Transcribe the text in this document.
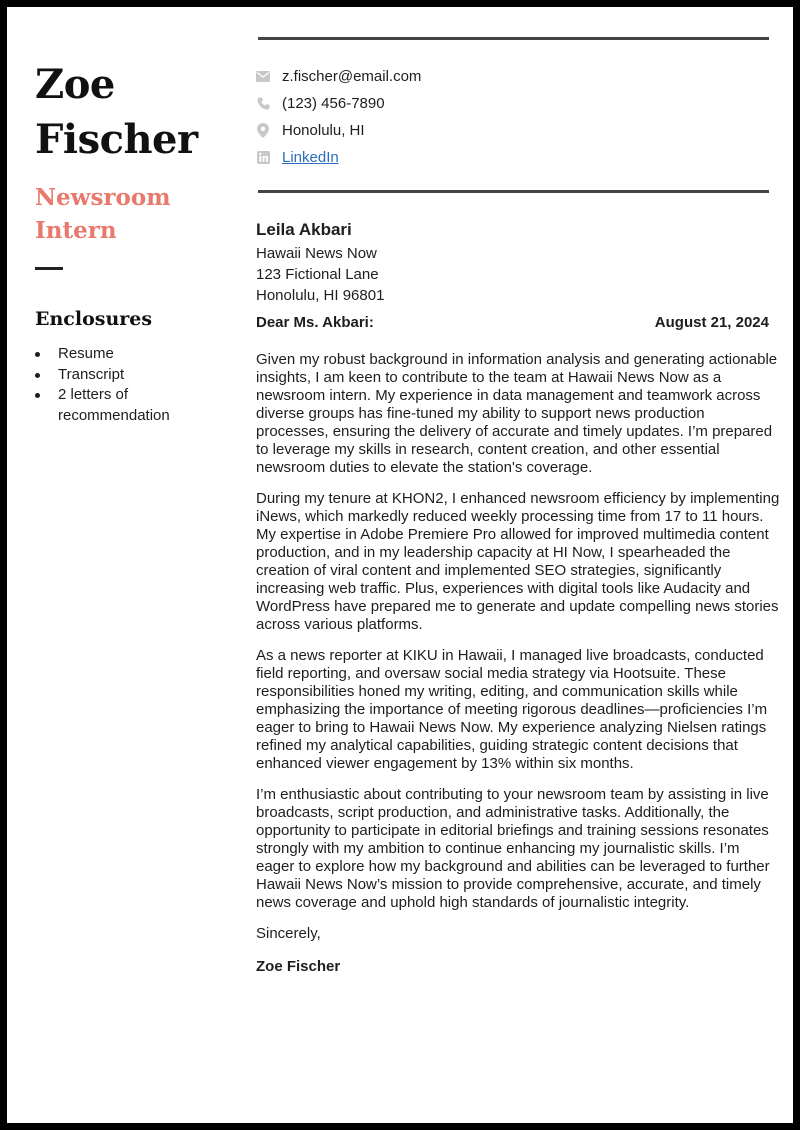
Zoe
Fischer
Newsroom
Intern
Enclosures
Resume
Transcript
2 letters of recommendation
z.fischer@email.com
(123) 456-7890
Honolulu, HI
LinkedIn
Leila Akbari
Hawaii News Now
123 Fictional Lane
Honolulu, HI 96801
Dear Ms. Akbari:	August 21, 2024

Given my robust background in information analysis and generating actionable insights, I am keen to contribute to the team at Hawaii News Now as a newsroom intern. My experience in data management and teamwork across diverse groups has fine-tuned my ability to support news production processes, ensuring the delivery of accurate and timely updates. I’m prepared to leverage my skills in research, content creation, and other essential newsroom duties to elevate the station's coverage.

During my tenure at KHON2, I enhanced newsroom efficiency by implementing iNews, which markedly reduced weekly processing time from 17 to 11 hours. My expertise in Adobe Premiere Pro allowed for improved multimedia content production, and in my leadership capacity at HI Now, I spearheaded the creation of viral content and implemented SEO strategies, significantly increasing web traffic. Plus, experiences with digital tools like Audacity and WordPress have prepared me to generate and update compelling news stories across various platforms.

As a news reporter at KIKU in Hawaii, I managed live broadcasts, conducted field reporting, and oversaw social media strategy via Hootsuite. These responsibilities honed my writing, editing, and communication skills while emphasizing the importance of meeting rigorous deadlines—proficiencies I’m eager to bring to Hawaii News Now. My experience analyzing Nielsen ratings refined my analytical capabilities, guiding strategic content decisions that enhanced viewer engagement by 13% within six months.

I’m enthusiastic about contributing to your newsroom team by assisting in live broadcasts, script production, and administrative tasks. Additionally, the opportunity to participate in editorial briefings and training sessions resonates strongly with my ambition to continue enhancing my journalistic skills. I’m eager to explore how my background and abilities can be leveraged to further Hawaii News Now’s mission to provide comprehensive, accurate, and timely news coverage and uphold high standards of journalistic integrity.

Sincerely,
Zoe Fischer
